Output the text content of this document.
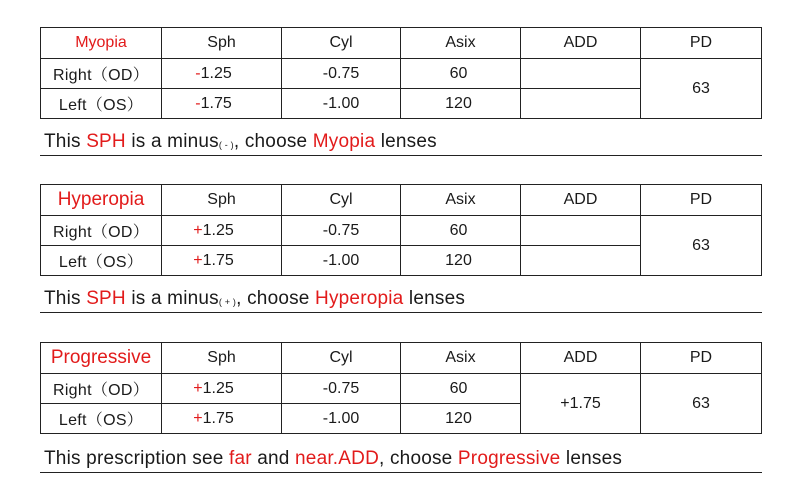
Myopia	Sph	Cyl	Asix	ADD	PD
Right（OD）	-1.25	-0.75	60		63
Left（OS）	-1.75	-1.00	120		
This SPH is a minus( - ), choose Myopia lenses
Hyperopia	Sph	Cyl	Asix	ADD	PD
Right（OD）	+1.25	-0.75	60		63
Left（OS）	+1.75	-1.00	120		
This SPH is a minus( + ), choose Hyperopia lenses
Progressive	Sph	Cyl	Asix	ADD	PD
Right（OD）	+1.25	-0.75	60	+1.75	63
Left（OS）	+1.75	-1.00	120		
This prescription see far and near.ADD, choose Progressive lenses
